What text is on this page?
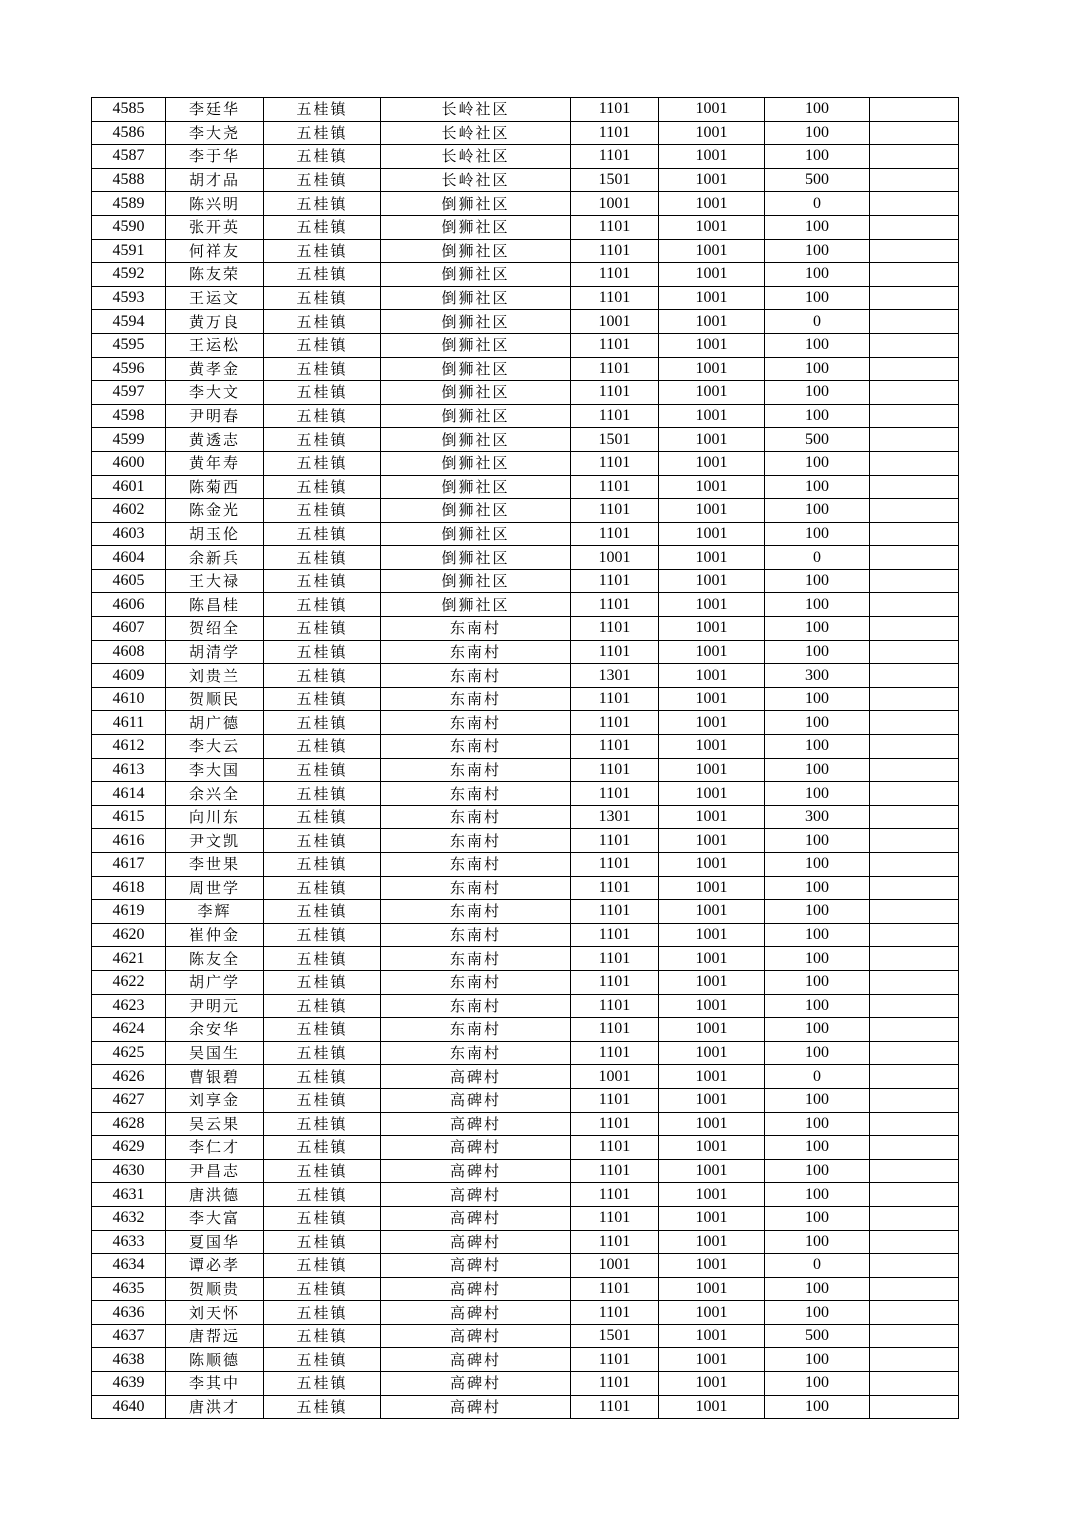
4585	李廷华	五桂镇	长岭社区	1101	1001	100	
4586	李大尧	五桂镇	长岭社区	1101	1001	100	
4587	李于华	五桂镇	长岭社区	1101	1001	100	
4588	胡才品	五桂镇	长岭社区	1501	1001	500	
4589	陈兴明	五桂镇	倒狮社区	1001	1001	0	
4590	张开英	五桂镇	倒狮社区	1101	1001	100	
4591	何祥友	五桂镇	倒狮社区	1101	1001	100	
4592	陈友荣	五桂镇	倒狮社区	1101	1001	100	
4593	王运文	五桂镇	倒狮社区	1101	1001	100	
4594	黄万良	五桂镇	倒狮社区	1001	1001	0	
4595	王运松	五桂镇	倒狮社区	1101	1001	100	
4596	黄孝金	五桂镇	倒狮社区	1101	1001	100	
4597	李大文	五桂镇	倒狮社区	1101	1001	100	
4598	尹明春	五桂镇	倒狮社区	1101	1001	100	
4599	黄透志	五桂镇	倒狮社区	1501	1001	500	
4600	黄年寿	五桂镇	倒狮社区	1101	1001	100	
4601	陈菊西	五桂镇	倒狮社区	1101	1001	100	
4602	陈金光	五桂镇	倒狮社区	1101	1001	100	
4603	胡玉伦	五桂镇	倒狮社区	1101	1001	100	
4604	余新兵	五桂镇	倒狮社区	1001	1001	0	
4605	王大禄	五桂镇	倒狮社区	1101	1001	100	
4606	陈昌桂	五桂镇	倒狮社区	1101	1001	100	
4607	贺绍全	五桂镇	东南村	1101	1001	100	
4608	胡清学	五桂镇	东南村	1101	1001	100	
4609	刘贵兰	五桂镇	东南村	1301	1001	300	
4610	贺顺民	五桂镇	东南村	1101	1001	100	
4611	胡广德	五桂镇	东南村	1101	1001	100	
4612	李大云	五桂镇	东南村	1101	1001	100	
4613	李大国	五桂镇	东南村	1101	1001	100	
4614	余兴全	五桂镇	东南村	1101	1001	100	
4615	向川东	五桂镇	东南村	1301	1001	300	
4616	尹文凯	五桂镇	东南村	1101	1001	100	
4617	李世果	五桂镇	东南村	1101	1001	100	
4618	周世学	五桂镇	东南村	1101	1001	100	
4619	李辉	五桂镇	东南村	1101	1001	100	
4620	崔仲金	五桂镇	东南村	1101	1001	100	
4621	陈友全	五桂镇	东南村	1101	1001	100	
4622	胡广学	五桂镇	东南村	1101	1001	100	
4623	尹明元	五桂镇	东南村	1101	1001	100	
4624	余安华	五桂镇	东南村	1101	1001	100	
4625	吴国生	五桂镇	东南村	1101	1001	100	
4626	曹银碧	五桂镇	高碑村	1001	1001	0	
4627	刘享金	五桂镇	高碑村	1101	1001	100	
4628	吴云果	五桂镇	高碑村	1101	1001	100	
4629	李仁才	五桂镇	高碑村	1101	1001	100	
4630	尹昌志	五桂镇	高碑村	1101	1001	100	
4631	唐洪德	五桂镇	高碑村	1101	1001	100	
4632	李大富	五桂镇	高碑村	1101	1001	100	
4633	夏国华	五桂镇	高碑村	1101	1001	100	
4634	谭必孝	五桂镇	高碑村	1001	1001	0	
4635	贺顺贵	五桂镇	高碑村	1101	1001	100	
4636	刘天怀	五桂镇	高碑村	1101	1001	100	
4637	唐帮远	五桂镇	高碑村	1501	1001	500	
4638	陈顺德	五桂镇	高碑村	1101	1001	100	
4639	李其中	五桂镇	高碑村	1101	1001	100	
4640	唐洪才	五桂镇	高碑村	1101	1001	100	
